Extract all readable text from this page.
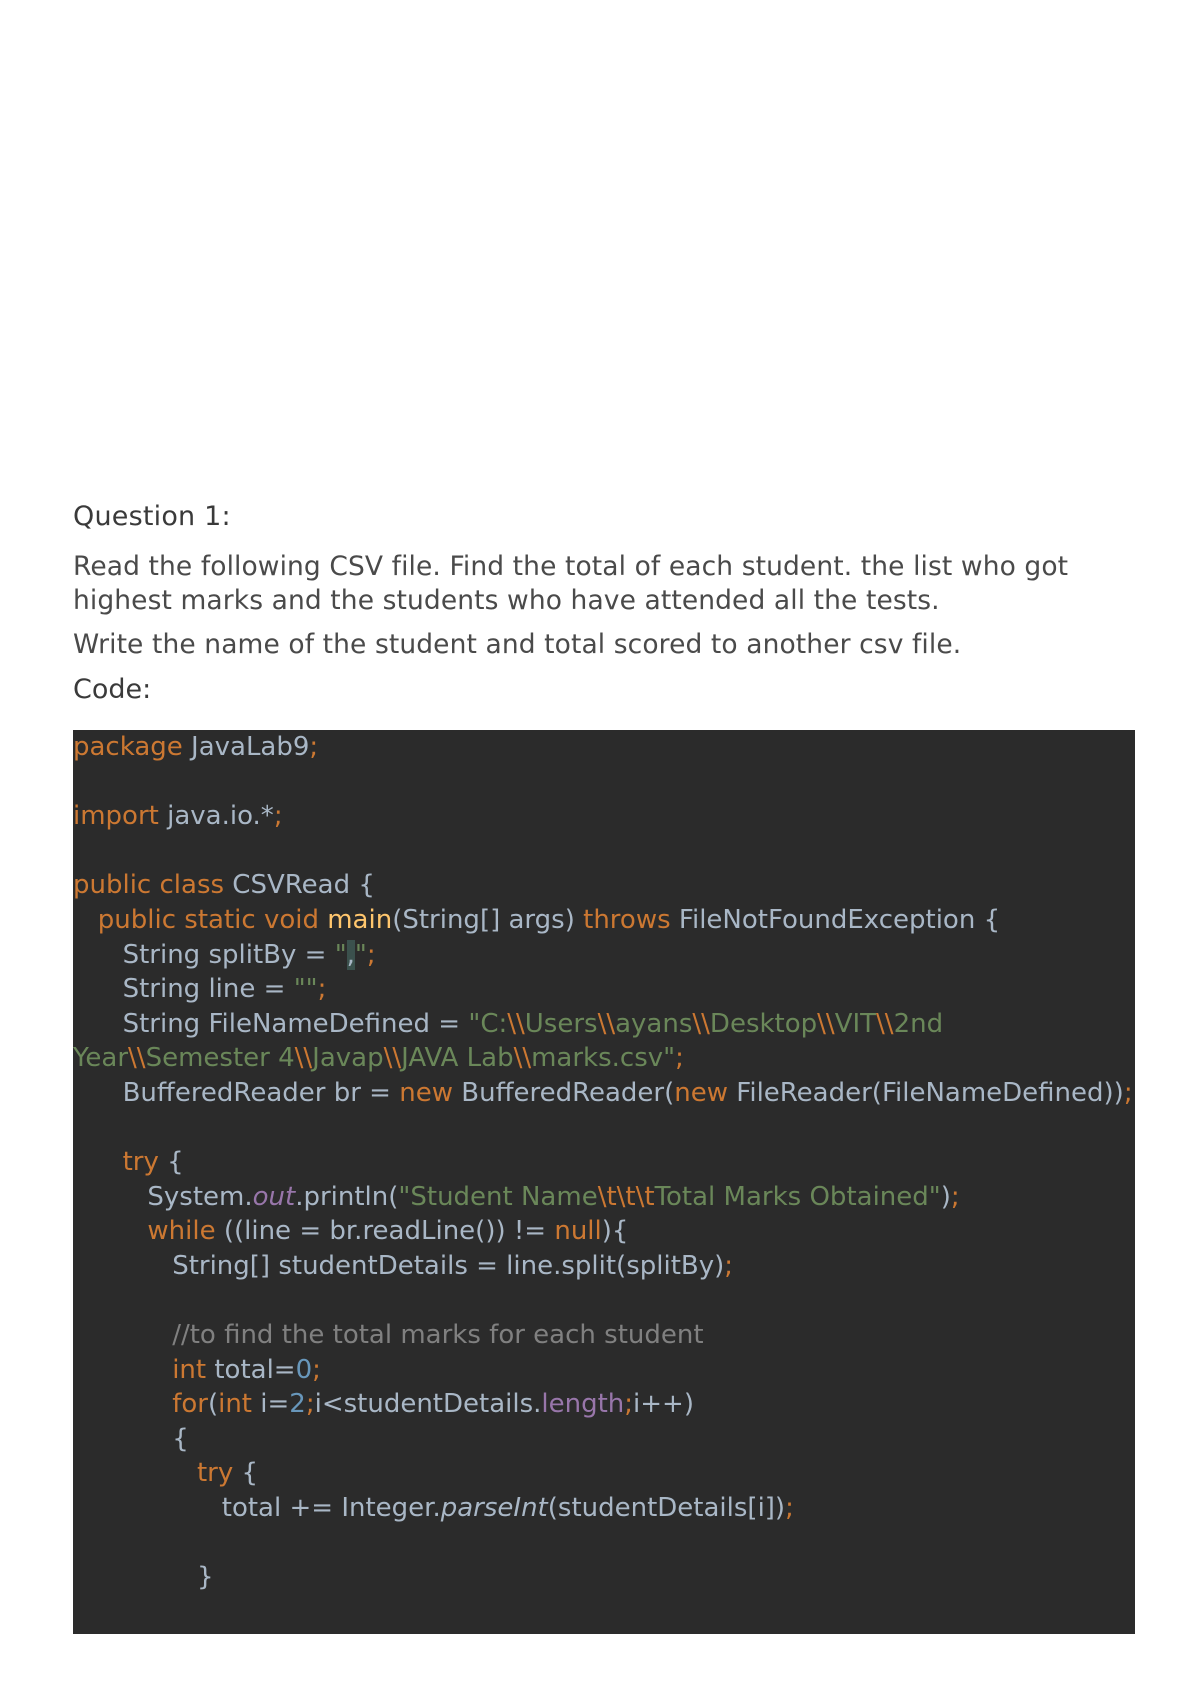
Question 1:
Read the following CSV file. Find the total of each student. the list who got highest marks and the students who have attended all the tests.
Write the name of the student and total scored to another csv file.
Code:
package JavaLab9;

import java.io.*;

public class CSVRead {
public static void main(String[] args) throws FileNotFoundException {
String splitBy = ",";
String line = "";
String FileNameDefined = "C:\\Users\\ayans\\Desktop\\VIT\\2nd Year\\Semester 4\\Javap\\JAVA Lab\\marks.csv";
BufferedReader br = new BufferedReader(new FileReader(FileNameDefined));

try {
System.out.println("Student Name\t\t\tTotal Marks Obtained");
while ((line = br.readLine()) != null){
String[] studentDetails = line.split(splitBy);

//to find the total marks for each student
int total=0;
for(int i=2;i<studentDetails.length;i++)
{
try {
total += Integer.parseInt(studentDetails[i]);

}
